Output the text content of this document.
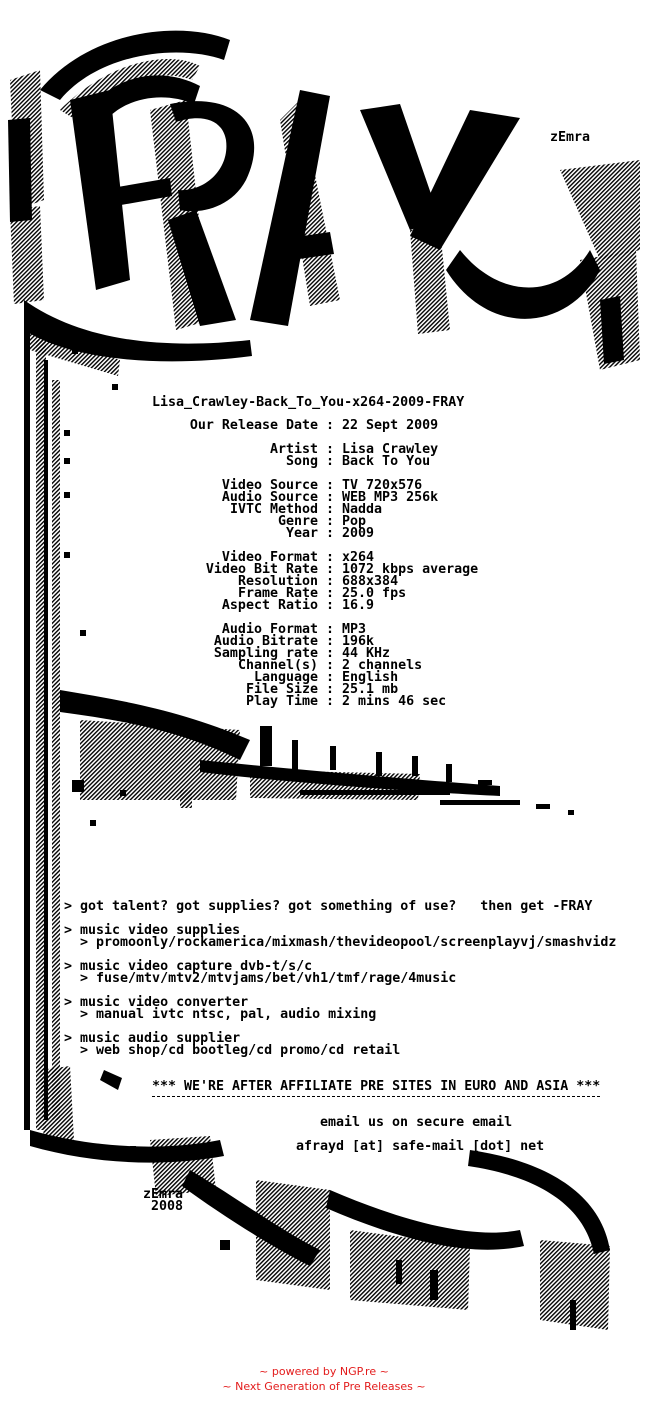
zEmra
Lisa_Crawley-Back_To_You-x264-2009-FRAY
Our Release Date : 22 Sept 2009

Artist : Lisa Crawley
Song : Back To You

Video Source : TV 720x576
Audio Source : WEB MP3 256k
IVTC Method : Nadda
Genre : Pop
Year : 2009

Video Format : x264
Video Bit Rate : 1072 kbps average
Resolution : 688x384
Frame Rate : 25.0 fps
Aspect Ratio : 16.9

Audio Format : MP3
Audio Bitrate : 196k
Sampling rate : 44 KHz
Channel(s) : 2 channels
Language : English
File Size : 25.1 mb
Play Time : 2 mins 46 sec
> got talent? got supplies? got something of use?   then get -FRAY
> music video supplies
> promoonly/rockamerica/mixmash/thevideopool/screenplayvj/smashvidz
> music video capture dvb-t/s/c
> fuse/mtv/mtv2/mtvjams/bet/vh1/tmf/rage/4music
> music video converter
> manual ivtc ntsc, pal, audio mixing
> music audio supplier
> web shop/cd bootleg/cd promo/cd retail
*** WE'RE AFTER AFFILIATE PRE SITES IN EURO AND ASIA ***
email us on secure email
afrayd [at] safe-mail [dot] net
zEmra
2008
~ powered by NGP.re ~
~ Next Generation of Pre Releases ~
